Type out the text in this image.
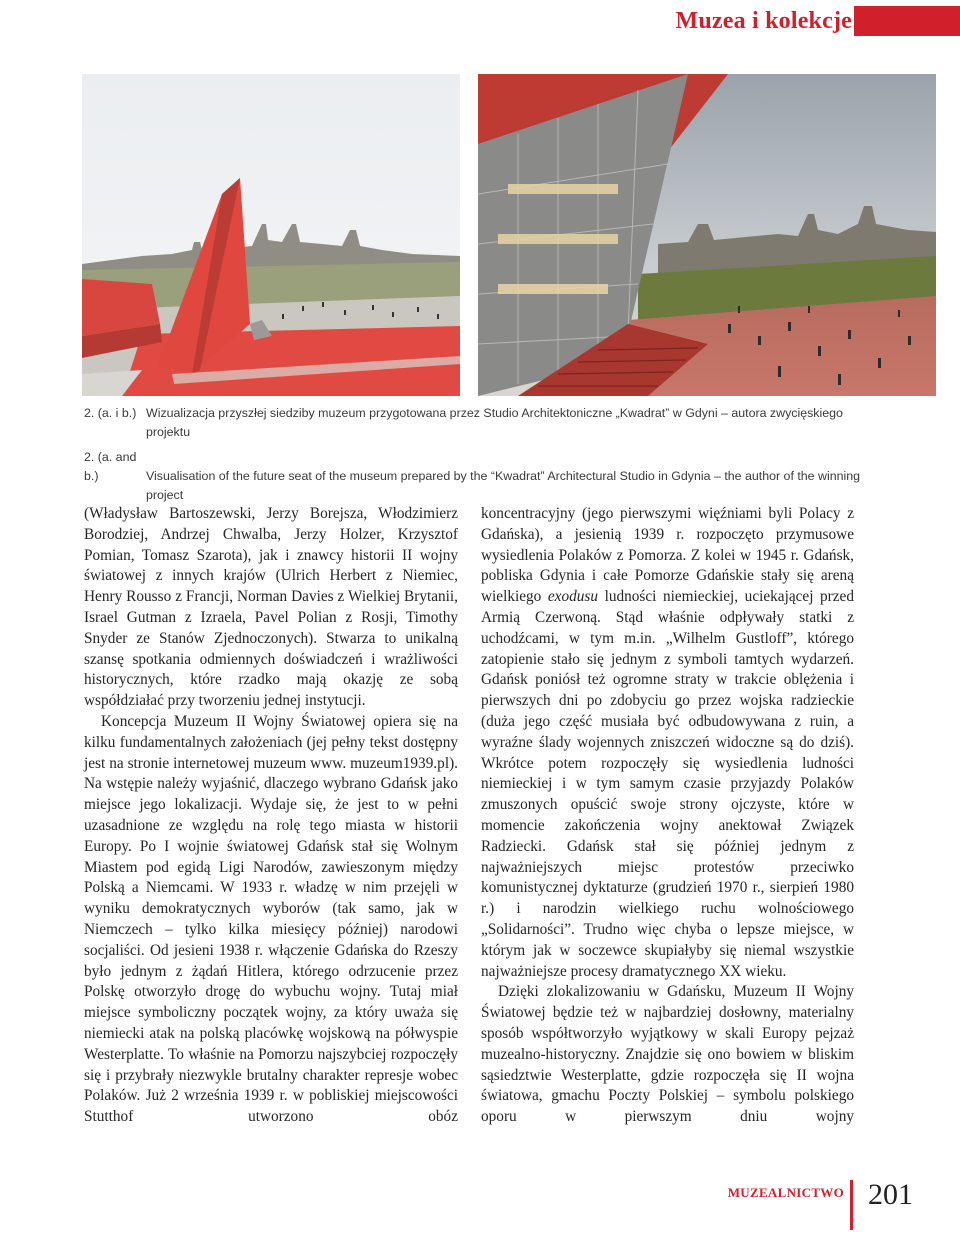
Muzea i kolekcje

2. (a. i b.) Wizualizacja przyszłej siedziby muzeum przygotowana przez Studio Architektoniczne „Kwadrat” w Gdyni – autora zwycięskiego projektu

2. (a. and b.)	Visualisation of the future seat of the museum prepared by the “Kwadrat” Architectural Studio in Gdynia – the author of the winning project

(Władysław Bartoszewski, Jerzy Borejsza, Włodzimierz Borodziej, Andrzej Chwalba, Jerzy Holzer, Krzysztof Pomian, Tomasz Szarota), jak i znawcy historii II wojny światowej z innych krajów (Ulrich Herbert z Niemiec, Henry Rousso z Francji, Norman Davies z Wielkiej Brytanii, Israel Gutman z Izraela, Pavel Polian z Rosji, Timothy Snyder ze Stanów Zjednoczonych). Stwarza to unikalną szansę spotkania odmiennych doświadczeń i wrażliwości historycznych, które rzadko mają okazję ze sobą współdziałać przy tworzeniu jednej instytucji.

Koncepcja Muzeum II Wojny Światowej opiera się na kilku fundamentalnych założeniach (jej pełny tekst dostępny jest na stronie internetowej muzeum www. muzeum1939.pl). Na wstępie należy wyjaśnić, dlaczego wybrano Gdańsk jako miejsce jego lokalizacji. Wydaje się, że jest to w pełni uzasadnione ze względu na rolę tego miasta w historii Europy. Po I wojnie światowej Gdańsk stał się Wolnym Miastem pod egidą Ligi Narodów, zawieszonym między Polską a Niemcami. W 1933 r. władzę w nim przejęli w wyniku demokratycznych wyborów (tak samo, jak w Niemczech – tylko kilka miesięcy później) narodowi socjaliści. Od jesieni 1938 r. włączenie Gdańska do Rzeszy było jednym z żądań Hitlera, którego odrzucenie przez Polskę otworzyło drogę do wybuchu wojny. Tutaj miał miejsce symboliczny początek wojny, za który uważa się niemiecki atak na polską placówkę wojskową na półwyspie Westerplatte. To właśnie na Pomorzu najszybciej rozpoczęły się i przybrały niezwykle brutalny charakter represje wobec Polaków. Już 2 września 1939 r. w pobliskiej miejscowości Stutthof utworzono obóz

koncentracyjny (jego pierwszymi więźniami byli Polacy z Gdańska), a jesienią 1939 r. rozpoczęto przymusowe wysiedlenia Polaków z Pomorza. Z kolei w 1945 r. Gdańsk, pobliska Gdynia i całe Pomorze Gdańskie stały się areną wielkiego exodusu ludności niemieckiej, uciekającej przed Armią Czerwoną. Stąd właśnie odpływały statki z uchodźcami, w tym m.in. „Wilhelm Gustloff”, którego zatopienie stało się jednym z symboli tamtych wydarzeń. Gdańsk poniósł też ogromne straty w trakcie oblężenia i pierwszych dni po zdobyciu go przez wojska radzieckie (duża jego część musiała być odbudowywana z ruin, a wyraźne ślady wojennych zniszczeń widoczne są do dziś). Wkrótce potem rozpoczęły się wysiedlenia ludności niemieckiej i w tym samym czasie przyjazdy Polaków zmuszonych opuścić swoje strony ojczyste, które w momencie zakończenia wojny anektował Związek Radziecki. Gdańsk stał się później jednym z najważniejszych miejsc protestów przeciwko komunistycznej dyktaturze (grudzień 1970 r., sierpień 1980 r.) i narodzin wielkiego ruchu wolnościowego „Solidarności”. Trudno więc chyba o lepsze miejsce, w którym jak w soczewce skupiałyby się niemal wszystkie najważniejsze procesy dramatycznego XX wieku.

Dzięki zlokalizowaniu w Gdańsku, Muzeum II Wojny Światowej będzie też w najbardziej dosłowny, materialny sposób współtworzyło wyjątkowy w skali Europy pejzaż muzealno-historyczny. Znajdzie się ono bowiem w bliskim sąsiedztwie Westerplatte, gdzie rozpoczęła się II wojna światowa, gmachu Poczty Polskiej – symbolu polskiego oporu w pierwszym dniu wojny

MUZEALNICTWO 201
